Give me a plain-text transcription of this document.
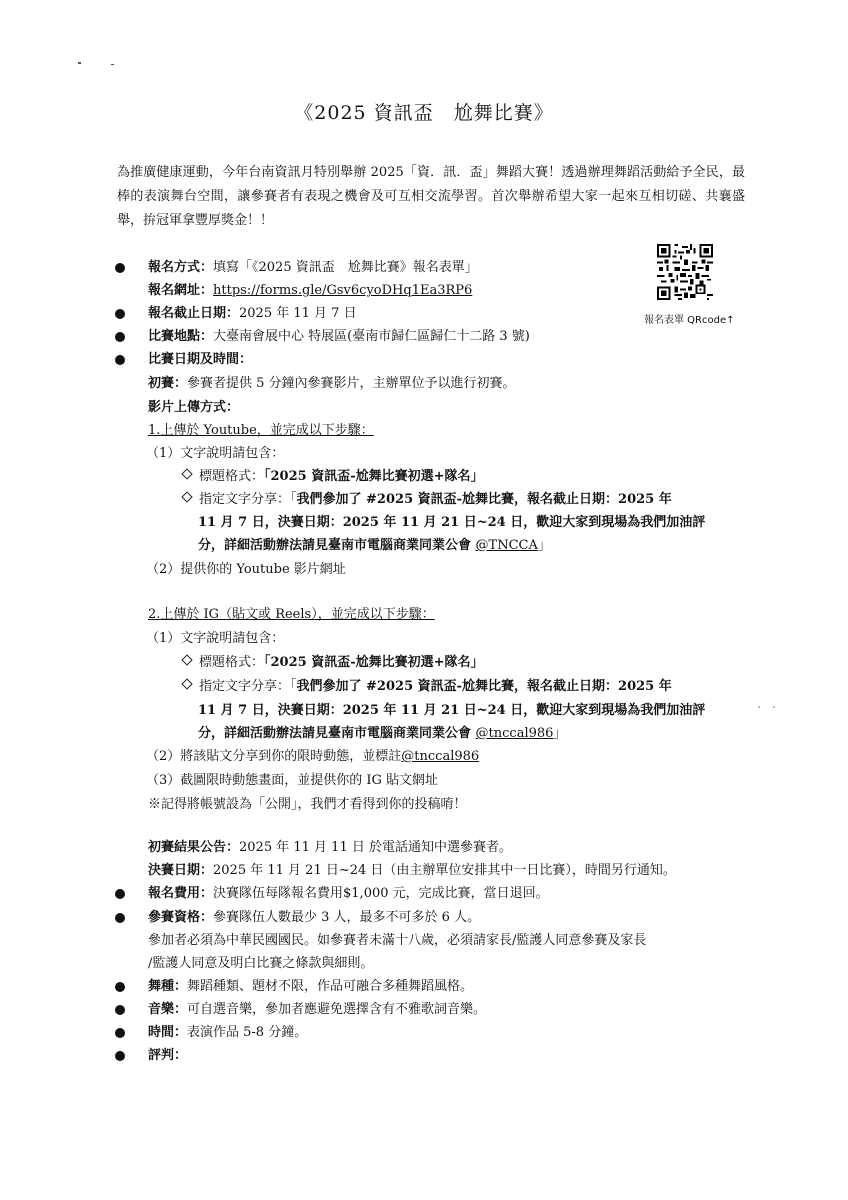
《2025 資訊盃　尬舞比賽》
為推廣健康運動，今年台南資訊月特別舉辦 2025「資．訊．盃」舞蹈大賽！透過辦理舞蹈活動給予全民，最棒的表演舞台空間，讓參賽者有表現之機會及可互相交流學習。首次舉辦希望大家一起來互相切磋、共襄盛舉，拚冠軍拿豐厚獎金！！
報名表單 QRcode↑
報名方式：填寫「《2025 資訊盃　尬舞比賽》報名表單」
報名網址：https://forms.gle/Gsv6cyoDHq1Ea3RP6
報名截止日期：2025 年 11 月 7 日
比賽地點：大臺南會展中心 特展區(臺南市歸仁區歸仁十二路 3 號)
比賽日期及時間：
初賽：參賽者提供 5 分鐘內參賽影片，主辦單位予以進行初賽。
影片上傳方式：
1.上傳於 Youtube，並完成以下步驟：
（1）文字說明請包含：
標題格式：「2025 資訊盃-尬舞比賽初選+隊名」
指定文字分享：「我們參加了 #2025 資訊盃-尬舞比賽，報名截止日期：2025 年
11 月 7 日，決賽日期：2025 年 11 月 21 日~24 日，歡迎大家到現場為我們加油評
分，詳細活動辦法請見臺南市電腦商業同業公會 @TNCCA」
（2）提供你的 Youtube 影片網址
2.上傳於 IG（貼文或 Reels），並完成以下步驟：
（1）文字說明請包含：
標題格式：「2025 資訊盃-尬舞比賽初選+隊名」
指定文字分享：「我們參加了 #2025 資訊盃-尬舞比賽，報名截止日期：2025 年
11 月 7 日，決賽日期：2025 年 11 月 21 日~24 日，歡迎大家到現場為我們加油評
分，詳細活動辦法請見臺南市電腦商業同業公會 @tnccal986」
（2）將該貼文分享到你的限時動態，並標註@tnccal986
（3）截圖限時動態畫面，並提供你的 IG 貼文網址
※記得將帳號設為「公開」，我們才看得到你的投稿唷！
初賽結果公告：2025 年 11 月 11 日 於電話通知中選參賽者。
決賽日期：2025 年 11 月 21 日~24 日（由主辦單位安排其中一日比賽），時間另行通知。
報名費用：決賽隊伍每隊報名費用$1,000 元，完成比賽，當日退回。
參賽資格：參賽隊伍人數最少 3 人，最多不可多於 6 人。
參加者必須為中華民國國民。如參賽者未滿十八歲，必須請家長/監護人同意參賽及家長
/監護人同意及明白比賽之條款與細則。
舞種：舞蹈種類、題材不限，作品可融合多種舞蹈風格。
音樂：可自選音樂，參加者應避免選擇含有不雅歌詞音樂。
時間：表演作品 5-8 分鐘。
評判：
